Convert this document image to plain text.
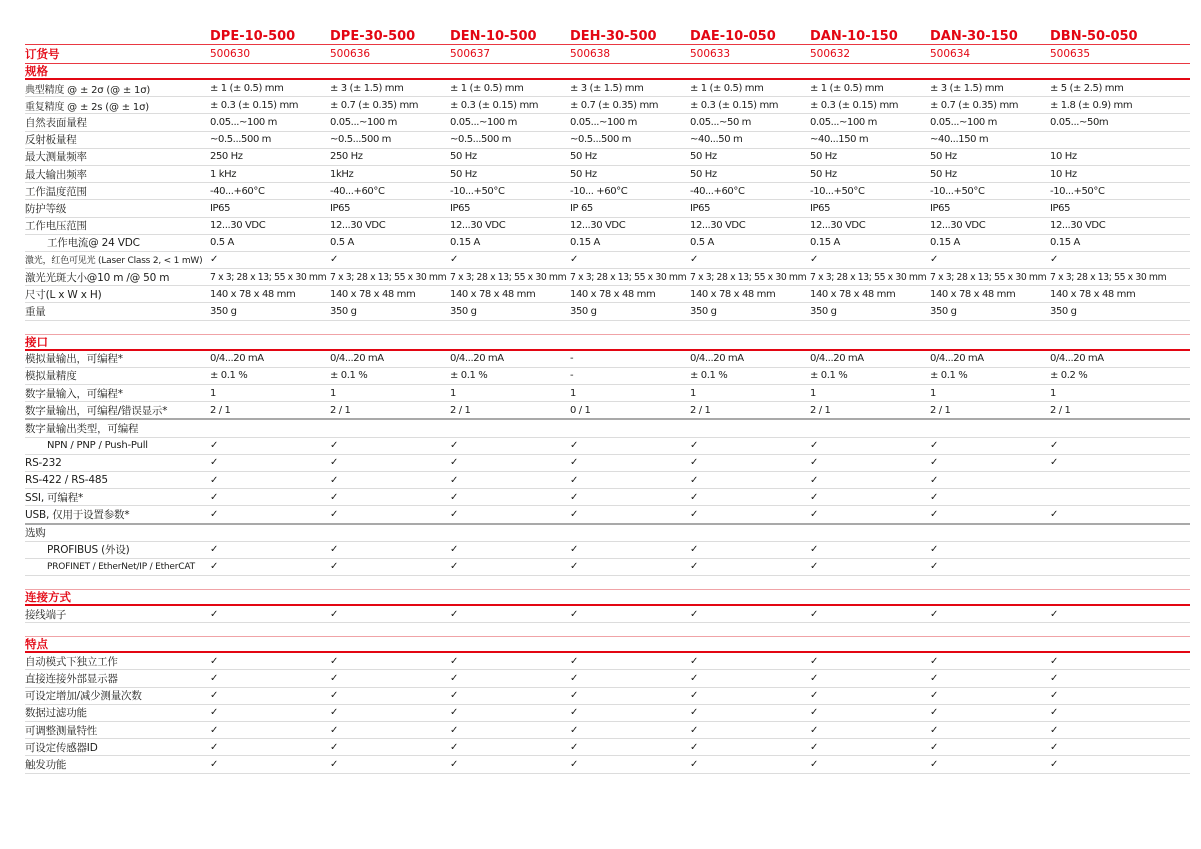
DPE-10-500	DPE-30-500	DEN-10-500	DEH-30-500	DAE-10-050	DAN-10-150	DAN-30-150	DBN-50-050
订货号	500630	500636	500637	500638	500633	500632	500634	500635
规格
典型精度 @ ± 2σ (@ ± 1σ)	± 1 (± 0.5) mm	± 3 (± 1.5) mm	± 1 (± 0.5) mm	± 3 (± 1.5) mm	± 1 (± 0.5) mm	± 1 (± 0.5) mm	± 3 (± 1.5) mm	± 5 (± 2.5) mm
重复精度 @ ± 2s (@ ± 1σ)	± 0.3 (± 0.15) mm	± 0.7 (± 0.35) mm	± 0.3 (± 0.15) mm	± 0.7 (± 0.35) mm	± 0.3 (± 0.15) mm	± 0.3 (± 0.15) mm	± 0.7 (± 0.35) mm	± 1.8 (± 0.9) mm
自然表面量程	0.05...~100 m	0.05...~100 m	0.05...~100 m	0.05...~100 m	0.05...~50 m	0.05...~100 m	0.05...~100 m	0.05...~50m
反射板量程	~0.5...500 m	~0.5...500 m	~0.5...500 m	~0.5...500 m	~40...50 m	~40...150 m	~40...150 m
最大测量频率	250 Hz	250 Hz	50 Hz	50 Hz	50 Hz	50 Hz	50 Hz	10 Hz
最大输出频率	1 kHz	1kHz	50 Hz	50 Hz	50 Hz	50 Hz	50 Hz	10 Hz
工作温度范围	-40...+60°C	-40...+60°C	-10...+50°C	-10... +60°C	-40...+60°C	-10...+50°C	-10...+50°C	-10...+50°C
防护等级	IP65	IP65	IP65	IP 65	IP65	IP65	IP65	IP65
工作电压范围	12...30 VDC	12...30 VDC	12...30 VDC	12...30 VDC	12...30 VDC	12...30 VDC	12...30 VDC	12...30 VDC
工作电流@ 24 VDC	0.5 A	0.5 A	0.15 A	0.15 A	0.5 A	0.15 A	0.15 A	0.15 A
激光，红色可见光 (Laser Class 2, < 1 mW) ✓	✓	✓	✓	✓	✓	✓	✓
激光光斑大小@10 m /@ 50 m	7 x 3; 28 x 13; 55 x 30 mm 7 x 3; 28 x 13; 55 x 30 mm 7 x 3; 28 x 13; 55 x 30 mm 7 x 3; 28 x 13; 55 x 30 mm 7 x 3; 28 x 13; 55 x 30 mm 7 x 3; 28 x 13; 55 x 30 mm 7 x 3; 28 x 13; 55 x 30 mm 7 x 3; 28 x 13; 55 x 30 mm
尺寸(L x W x H)	140 x 78 x 48 mm	140 x 78 x 48 mm	140 x 78 x 48 mm	140 x 78 x 48 mm	140 x 78 x 48 mm	140 x 78 x 48 mm	140 x 78 x 48 mm	140 x 78 x 48 mm
重量	350 g	350 g	350 g	350 g	350 g	350 g	350 g	350 g
接口
模拟量输出，可编程*	0/4...20 mA	0/4...20 mA	0/4...20 mA	-	0/4...20 mA	0/4...20 mA	0/4...20 mA	0/4...20 mA
模拟量精度	± 0.1 %	± 0.1 %	± 0.1 %	-	± 0.1 %	± 0.1 %	± 0.1 %	± 0.2 %
数字量输入，可编程*	1	1	1	1	1	1	1	1
数字量输出，可编程/错误显示*	2 / 1	2 / 1	2 / 1	0 / 1	2 / 1	2 / 1	2 / 1	2 / 1
数字量输出类型，可编程
NPN / PNP / Push-Pull	✓	✓	✓	✓	✓	✓	✓	✓
RS-232	✓	✓	✓	✓	✓	✓	✓	✓
RS-422 / RS-485	✓	✓	✓	✓	✓	✓	✓
SSI, 可编程*	✓	✓	✓	✓	✓	✓	✓
USB, 仅用于设置参数*	✓	✓	✓	✓	✓	✓	✓	✓
选购
PROFIBUS (外设)	✓	✓	✓	✓	✓	✓	✓
PROFINET / EtherNet/IP / EtherCAT	✓	✓	✓	✓	✓	✓	✓
连接方式
接线端子	✓	✓	✓	✓	✓	✓	✓	✓
特点
自动模式下独立工作	✓	✓	✓	✓	✓	✓	✓	✓
直接连接外部显示器	✓	✓	✓	✓	✓	✓	✓	✓
可设定增加/减少测量次数	✓	✓	✓	✓	✓	✓	✓	✓
数据过滤功能	✓	✓	✓	✓	✓	✓	✓	✓
可调整测量特性	✓	✓	✓	✓	✓	✓	✓	✓
可设定传感器ID	✓	✓	✓	✓	✓	✓	✓	✓
触发功能	✓	✓	✓	✓	✓	✓	✓	✓
